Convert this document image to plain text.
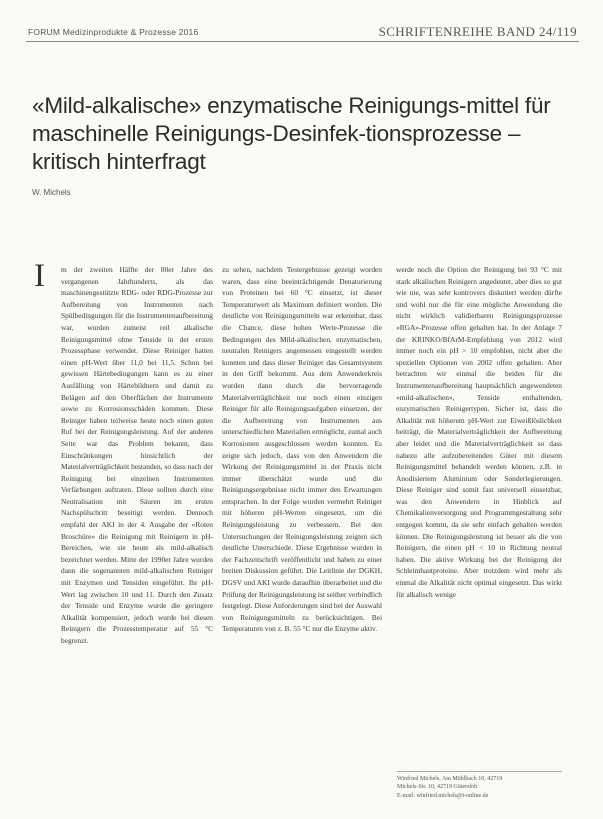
FORUM Medizinprodukte & Prozesse 2016	SCHRIFTENREIHE BAND 24/119
«Mild-alkalische» enzymatische Reinigungs-mittel für maschinelle Reinigungs-Desinfek-tionsprozesse – kritisch hinterfragt
W. Michels
I	m der zweiten Hälfte der 80er Jahre des vergangenen Jahrhunderts, als das maschinengestützte RDG- oder RDG-Prozesse zur Aufbereitung von Instrumenten nach Spülbedingungen für die Instrumentenaufbereitung war, wurden zumeist reil alkalische Reinigungsmittel ohne Tenside in der ersten Prozessphase verwendet. Diese Reiniger hatten einen pH-Wert über 11,0 bei 11,5. Schon bei gewissen Härtebedingungen kann es zu einer Ausfällung von Härtebildnern und damit zu Belägen auf den Oberflächen der Instrumente sowie zu Korrosionsschäden kommen. Diese Reiniger haben teilweise heute noch einen guten Ruf bei der Reinigungsleistung. Auf der anderen Seite war das Problem bekannt, dass Einschränkungen hinsichtlich der Materialverträglichkeit bestanden, so dass nach der Reinigung bei einzelnen Instrumenten Verfärbungen auftraten. Diese sollten durch eine Neutralisation mit Säuren im ersten Nachspülschritt beseitigt werden. Dennoch empfahl der AKI in der 4. Ausgabe der «Roten Broschüre» die Reinigung mit Reinigern in pH-Bereichen, wie sie heute als mild-alkalisch bezeichnet werden. Mitte der 1990er Jahre wurden dann die sogenannten mild-alkalischen Reiniger mit Enzymen und Tensiden eingeführt. Ihr pH-Wert lag zwischen 10 und 11. Durch den Zusatz der Tenside und Enzyme wurde die geringere Alkalität kompensiert, jedoch wurde bei diesen Reinigern die Prozesstemperatur auf 55 °C begrenzt.

zu sehen, nachdem Testergebnisse gezeigt worden waren, dass eine beeinträchtigende Denaturierung von Proteinen bei 60 °C einsetzt, ist dieser Temperaturwert als Maximum definiert worden. Die deutliche von Reinigungsmitteln war erkennbar, dass die Chance, diese hohen Werte-Prozesse die Bedingungen des Mild-alkalischen, enzymatischen, neutralen Reinigers angemessen eingestellt werden konnten und dass dieser Reiniger das Gesamtsystem in den Griff bekommt. Aus dem Anwenderkreis wurden dann durch die hervorragende Materialverträglichkeit nur noch einen einzigen Reiniger für alle Reinigungsaufgaben einsetzen, der die Aufbereitung von Instrumenten aus unterschiedlichen Materialien ermöglicht, zumal auch Korrosionen ausgeschlossen werden konnten. Es zeigte sich jedoch, dass von den Anwendern die Wirkung der Reinigungsmittel in der Praxis nicht immer überschätzt wurde und die Reinigungsergebnisse nicht immer den Erwartungen entsprachen. In der Folge wurden vermehrt Reiniger mit höheren pH-Werten eingesetzt, um die Reinigungsleistung zu verbessern. Bei den Untersuchungen der Reinigungsleistung zeigten sich deutliche Unterschiede. Diese Ergebnisse wurden in der Fachzeitschrift veröffentlicht und haben zu einer breiten Diskussion geführt. Die Leitlinie der DGKH, DGSV und AKI wurde daraufhin überarbeitet und die Prüfung der Reinigungsleistung ist seither verbindlich festgelegt. Diese Anforderungen sind bei der Auswahl von Reinigungsmitteln zu berücksichtigen. Bei Temperaturen von z. B. 55 °C nur die Enzyme aktiv.

werde noch die Option der Reinigung bei 93 °C mit stark alkalischen Reinigern angedeutet, aber dies so gut wie nie, was sehr kontrovers diskutiert werden dürfte und wohl nur die für eine mögliche Anwendung die nicht wirklich validierbaren Reinigungsprozesse «RGA»-Prozesse offen gehalten hat. In der Anlage 7 der KRINKO/BfArM-Empfehlung von 2012 wird immer noch ein pH > 10 empfohlen, nicht aber die speziellen Optionen von 2002 offen gehalten. Aber betrachten wir einmal die beiden für die Instrumentenaufbereitung hauptsächlich angewendeten «mild-alkalischen», Tenside enthaltenden, enzymatischen Reinigertypen. Sicher ist, dass die Alkalität mit höherem pH-Wert zur Eiweißlöslichkeit beiträgt, die Materialverträglichkeit der Aufbereitung aber leidet und die Materialverträglichkeit so dass nahezu alle aufzubereitenden Güter mit diesem Reinigungsmittel behandelt werden können, z.B. in Anodisiertem Aluminium oder Sonderlegierungen. Diese Reiniger sind somit fast universell einsetzbar, was den Anwendern in Hinblick auf Chemikalienversorgung und Programmgestaltung sehr entgegen kommt, da sie sehr einfach gehalten werden können. Die Reinigungsleistung ist besser als die von Reinigern, die einen pH < 10 in Richtung neutral haben. Die aktive Wirkung bei der Reinigung der Schleimhautproteine. Aber trotzdem wird mehr als einmal die Alkalität nicht optimal eingesetzt. Das wirkt für alkalisch wenige

Winfried Michels, Am Mühlbach 10, 42719
Michels-Str. 10, 42719 Gütersloh
E-mail: winfried.michels@t-online.de
